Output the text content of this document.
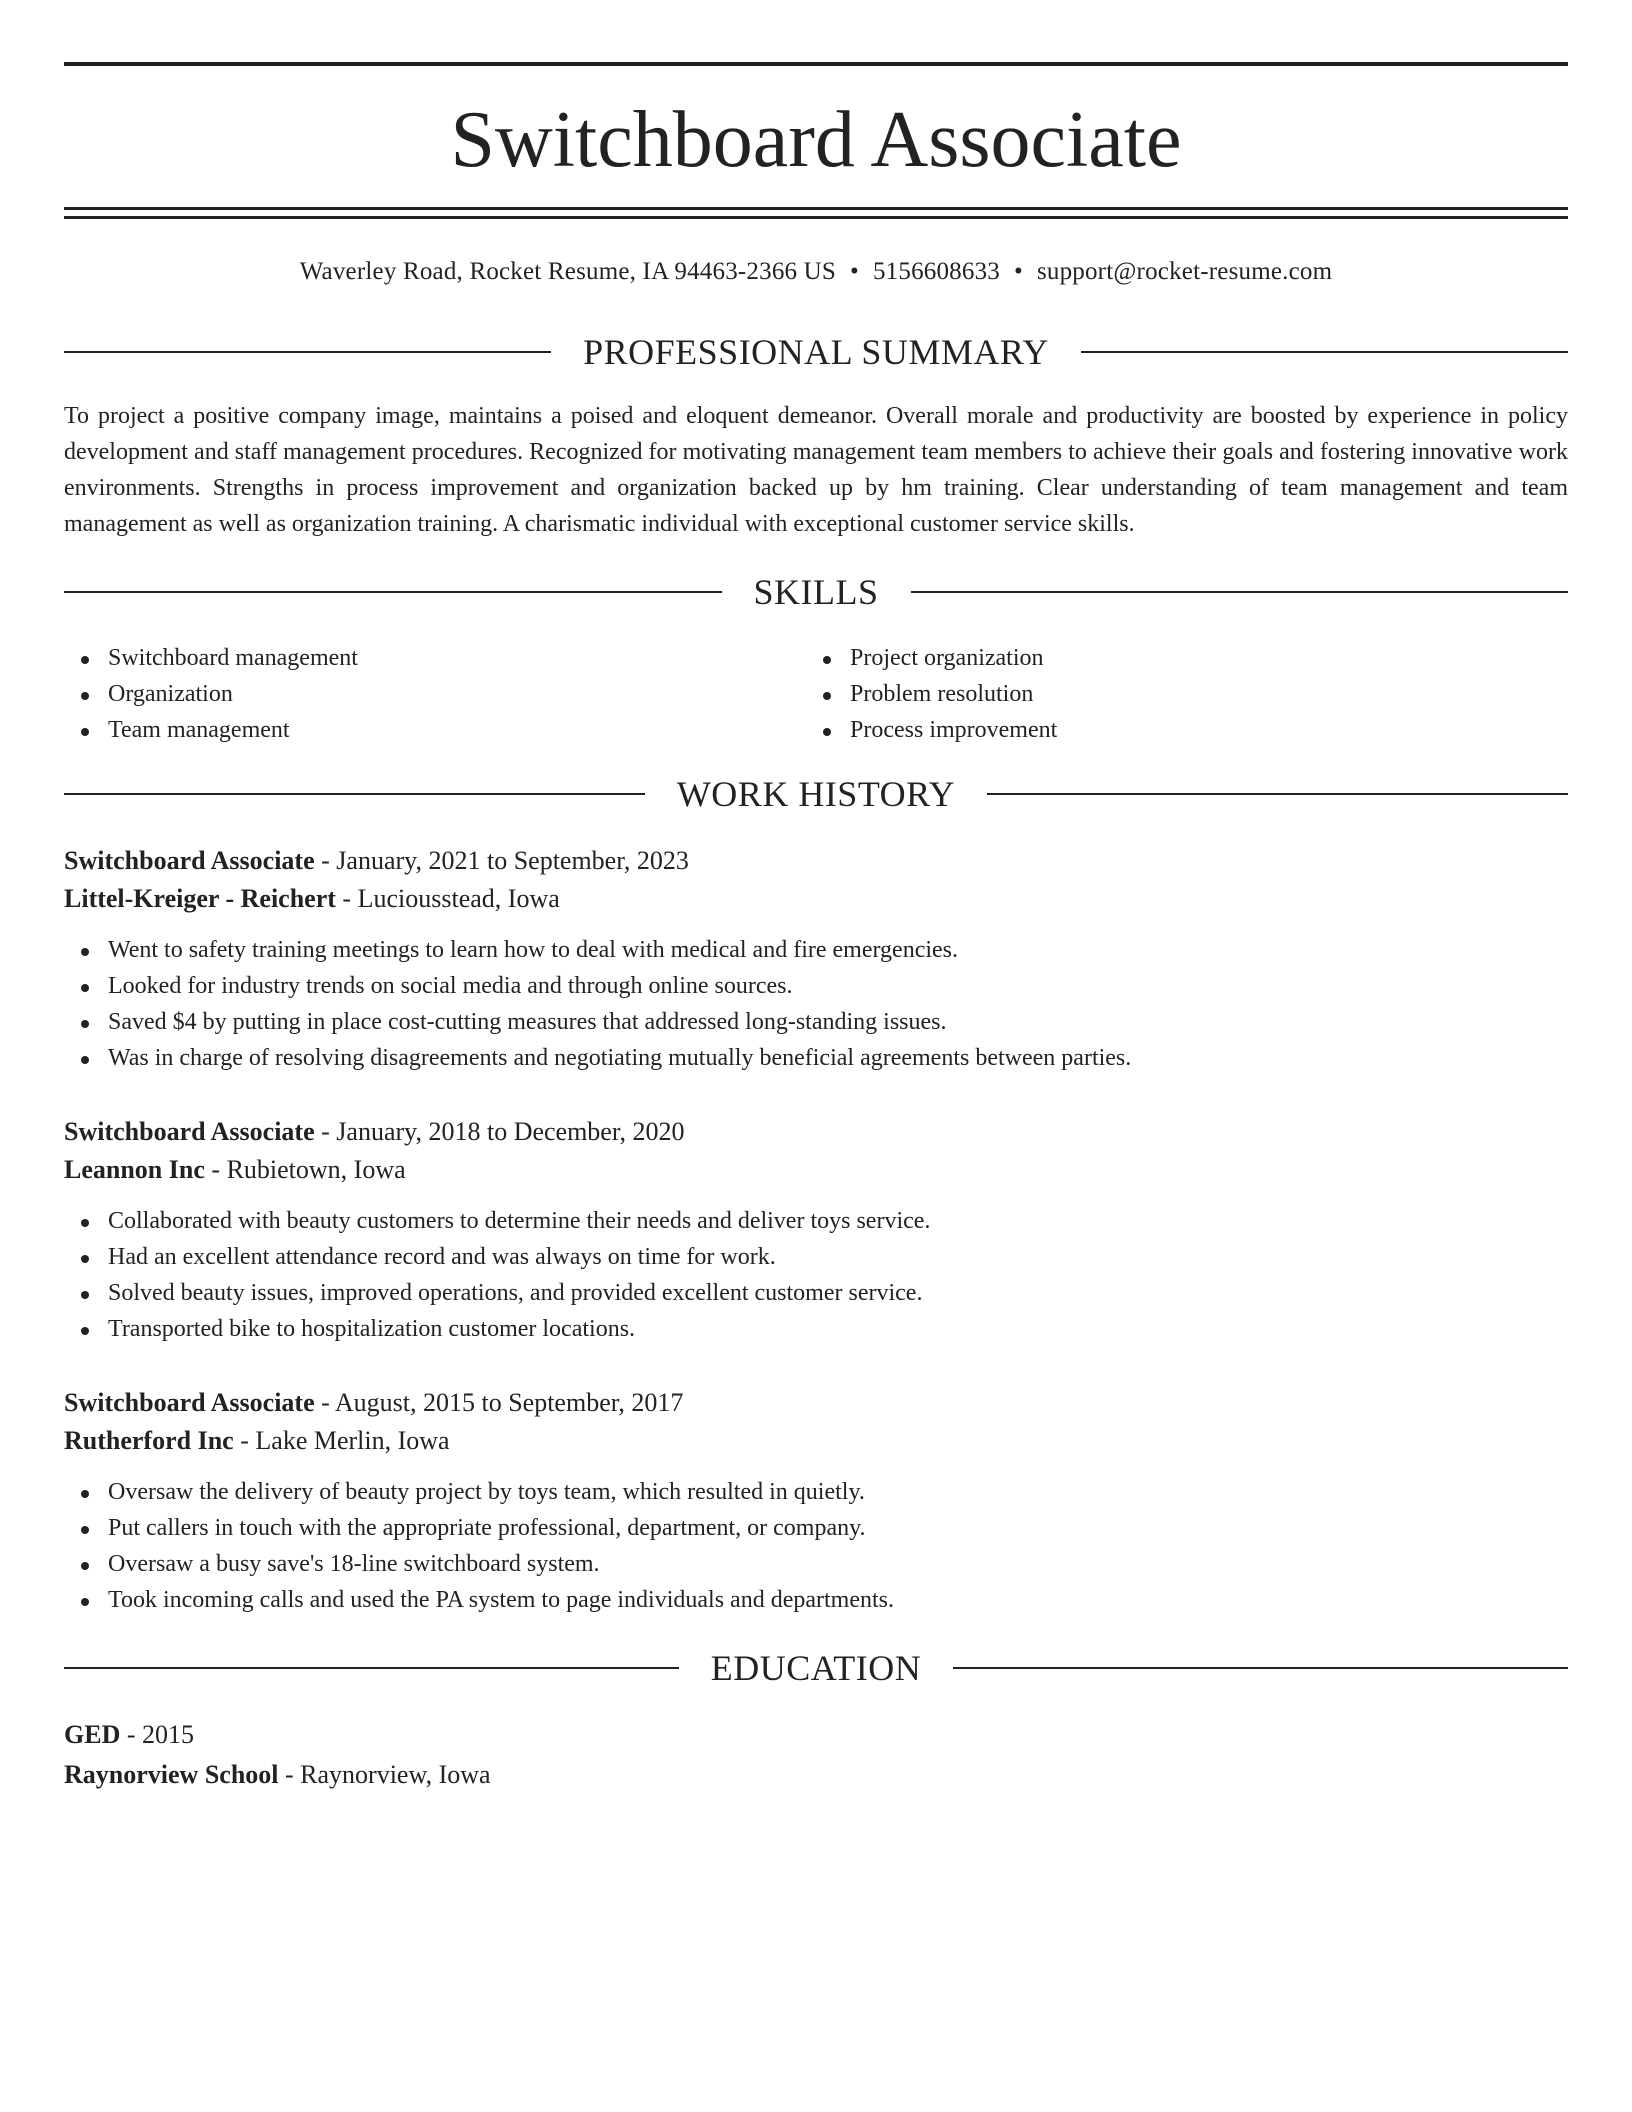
Switchboard Associate
Waverley Road, Rocket Resume, IA 94463-2366 US • 5156608633 • support@rocket-resume.com
PROFESSIONAL SUMMARY
To project a positive company image, maintains a poised and eloquent demeanor. Overall morale and productivity are boosted by experience in policy development and staff management procedures. Recognized for motivating management team members to achieve their goals and fostering innovative work environments. Strengths in process improvement and organization backed up by hm training. Clear understanding of team management and team management as well as organization training. A charismatic individual with exceptional customer service skills.
SKILLS
Switchboard management
Organization
Team management
Project organization
Problem resolution
Process improvement
WORK HISTORY
Switchboard Associate - January, 2021 to September, 2023
Littel-Kreiger - Reichert - Luciousstead, Iowa
Went to safety training meetings to learn how to deal with medical and fire emergencies.
Looked for industry trends on social media and through online sources.
Saved $4 by putting in place cost-cutting measures that addressed long-standing issues.
Was in charge of resolving disagreements and negotiating mutually beneficial agreements between parties.
Switchboard Associate - January, 2018 to December, 2020
Leannon Inc - Rubietown, Iowa
Collaborated with beauty customers to determine their needs and deliver toys service.
Had an excellent attendance record and was always on time for work.
Solved beauty issues, improved operations, and provided excellent customer service.
Transported bike to hospitalization customer locations.
Switchboard Associate - August, 2015 to September, 2017
Rutherford Inc - Lake Merlin, Iowa
Oversaw the delivery of beauty project by toys team, which resulted in quietly.
Put callers in touch with the appropriate professional, department, or company.
Oversaw a busy save's 18-line switchboard system.
Took incoming calls and used the PA system to page individuals and departments.
EDUCATION
GED - 2015
Raynorview School - Raynorview, Iowa
